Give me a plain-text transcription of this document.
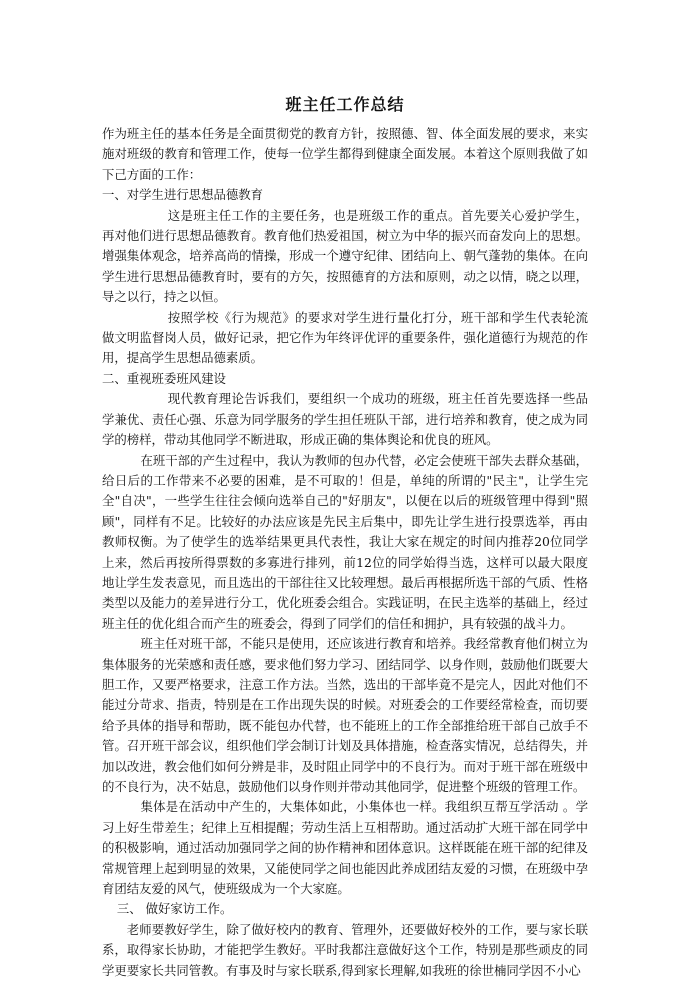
班主任工作总结

作为班主任的基本任务是全面贯彻党的教育方针，按照德、智、体全面发展的要求，来实施对班级的教育和管理工作，使每一位学生都得到健康全面发展。本着这个原则我做了如下己方面的工作：

一、对学生进行思想品德教育

这是班主任工作的主要任务，也是班级工作的重点。首先要关心爱护学生，再对他们进行思想品德教育。教育他们热爱祖国，树立为中华的振兴而奋发向上的思想。增强集体观念，培养高尚的情操，形成一个遵守纪律、团结向上、朝气蓬勃的集体。在向学生进行思想品德教育时，要有的方矢，按照德育的方法和原则，动之以情，晓之以理，导之以行，持之以恒。

按照学校《行为规范》的要求对学生进行量化打分，班干部和学生代表轮流做文明监督岗人员，做好记录，把它作为年终评优评的重要条件，强化道德行为规范的作用，提高学生思想品德素质。

二、重视班委班风建设

现代教育理论告诉我们，要组织一个成功的班级，班主任首先要选择一些品学兼优、责任心强、乐意为同学服务的学生担任班队干部，进行培养和教育，使之成为同学的榜样，带动其他同学不断进取，形成正确的集体舆论和优良的班风。

在班干部的产生过程中，我认为教师的包办代替，必定会使班干部失去群众基础，给日后的工作带来不必要的困难，是不可取的！但是，单纯的所谓的"民主"，让学生完全"自决"，一些学生往往会倾向选举自己的"好朋友"，以便在以后的班级管理中得到"照顾"，同样有不足。比较好的办法应该是先民主后集中，即先让学生进行投票选举，再由教师权衡。为了使学生的选举结果更具代表性，我让大家在规定的时间内推荐20位同学上来，然后再按所得票数的多寡进行排列，前12位的同学始得当选，这样可以最大限度地让学生发表意见，而且选出的干部往往又比较理想。最后再根据所选干部的气质、性格类型以及能力的差异进行分工，优化班委会组合。实践证明，在民主选举的基础上，经过班主任的优化组合而产生的班委会，得到了同学们的信任和拥护，具有较强的战斗力。

班主任对班干部，不能只是使用，还应该进行教育和培养。我经常教育他们树立为集体服务的光荣感和责任感，要求他们努力学习、团结同学、以身作则，鼓励他们既要大胆工作，又要严格要求，注意工作方法。当然，选出的干部毕竟不是完人，因此对他们不能过分苛求、指责，特别是在工作出现失误的时候。对班委会的工作要经常检查，而切要给予具体的指导和帮助，既不能包办代替，也不能班上的工作全部推给班干部自己放手不管。召开班干部会议，组织他们学会制订计划及具体措施，检查落实情况，总结得失，并加以改进，教会他们如何分辨是非，及时阻止同学中的不良行为。而对于班干部在班级中的不良行为，决不姑息，鼓励他们以身作则并带动其他同学，促进整个班级的管理工作。

集体是在活动中产生的，大集体如此，小集体也一样。我组织互帮互学活动 。学习上好生带差生；纪律上互相提醒；劳动生活上互相帮助。通过活动扩大班干部在同学中的积极影响，通过活动加强同学之间的协作精神和团体意识。这样既能在班干部的纪律及常规管理上起到明显的效果，又能使同学之间也能因此养成团结友爱的习惯，在班级中孕育团结友爱的风气，使班级成为一个大家庭。

三、 做好家访工作。

老师要教好学生，除了做好校内的教育、管理外，还要做好校外的工作，要与家长联系，取得家长协助，才能把学生教好。平时我都注意做好这个工作，特别是那些顽皮的同学更要家长共同管教。有事及时与家长联系,得到家长理解,如我班的徐世楠同学因不小心
